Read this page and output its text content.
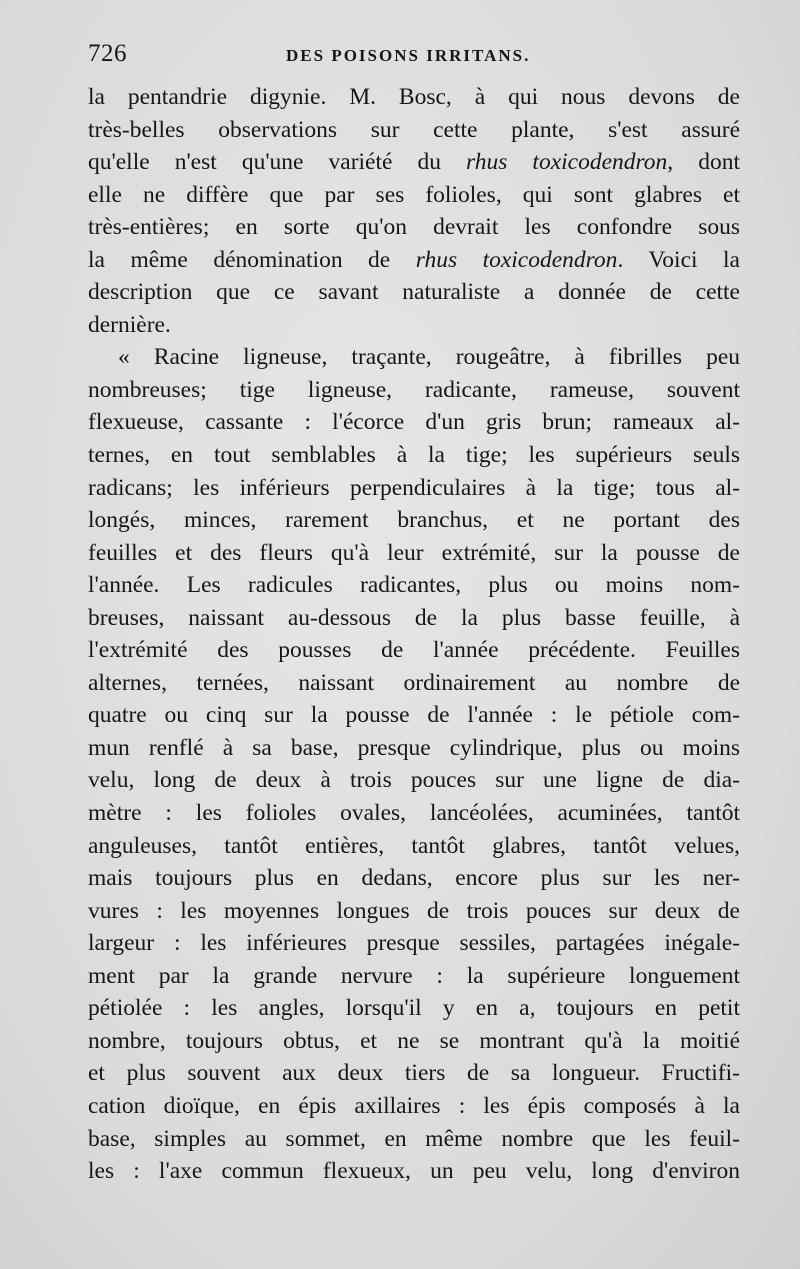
726	DES POISONS IRRITANS.
la pentandrie digynie. M. Bosc, à qui nous devons de
très-belles observations sur cette plante, s'est assuré
qu'elle n'est qu'une variété du rhus toxicodendron, dont
elle ne diffère que par ses folioles, qui sont glabres et
très-entières; en sorte qu'on devrait les confondre sous
la même dénomination de rhus toxicodendron. Voici la
description que ce savant naturaliste a donnée de cette
dernière.
« Racine ligneuse, traçante, rougeâtre, à fibrilles peu
nombreuses; tige ligneuse, radicante, rameuse, souvent
flexueuse, cassante : l'écorce d'un gris brun; rameaux al-
ternes, en tout semblables à la tige; les supérieurs seuls
radicans; les inférieurs perpendiculaires à la tige; tous al-
longés, minces, rarement branchus, et ne portant des
feuilles et des fleurs qu'à leur extrémité, sur la pousse de
l'année. Les radicules radicantes, plus ou moins nom-
breuses, naissant au-dessous de la plus basse feuille, à
l'extrémité des pousses de l'année précédente. Feuilles
alternes, ternées, naissant ordinairement au nombre de
quatre ou cinq sur la pousse de l'année : le pétiole com-
mun renflé à sa base, presque cylindrique, plus ou moins
velu, long de deux à trois pouces sur une ligne de dia-
mètre : les folioles ovales, lancéolées, acuminées, tantôt
anguleuses, tantôt entières, tantôt glabres, tantôt velues,
mais toujours plus en dedans, encore plus sur les ner-
vures : les moyennes longues de trois pouces sur deux de
largeur : les inférieures presque sessiles, partagées inégale-
ment par la grande nervure : la supérieure longuement
pétiolée : les angles, lorsqu'il y en a, toujours en petit
nombre, toujours obtus, et ne se montrant qu'à la moitié
et plus souvent aux deux tiers de sa longueur. Fructifi-
cation dioïque, en épis axillaires : les épis composés à la
base, simples au sommet, en même nombre que les feuil-
les : l'axe commun flexueux, un peu velu, long d'environ
